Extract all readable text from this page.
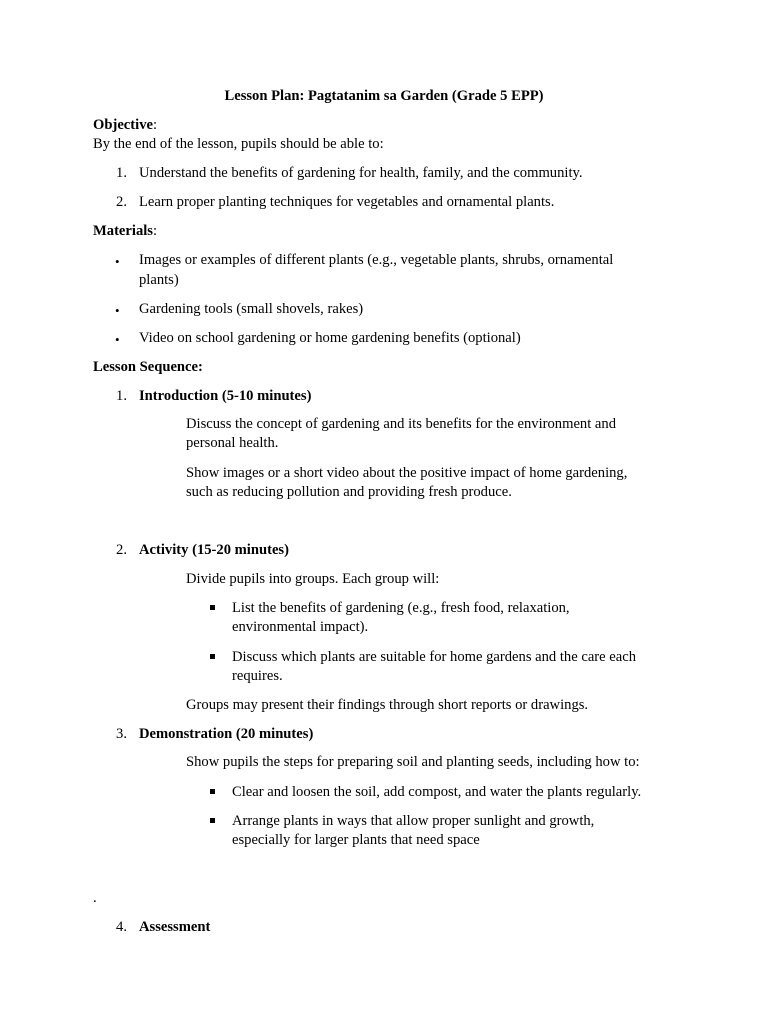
Lesson Plan: Pagtatanim sa Garden (Grade 5 EPP)
Objective:
By the end of the lesson, pupils should be able to:
1. Understand the benefits of gardening for health, family, and the community.
2. Learn proper planting techniques for vegetables and ornamental plants.
Materials:
• Images or examples of different plants (e.g., vegetable plants, shrubs, ornamental
plants)
• Gardening tools (small shovels, rakes)
• Video on school gardening or home gardening benefits (optional)
Lesson Sequence:
1. Introduction (5-10 minutes)
Discuss the concept of gardening and its benefits for the environment and
personal health.
Show images or a short video about the positive impact of home gardening,
such as reducing pollution and providing fresh produce.
2. Activity (15-20 minutes)
Divide pupils into groups. Each group will:
List the benefits of gardening (e.g., fresh food, relaxation,
environmental impact).
Discuss which plants are suitable for home gardens and the care each
requires.
Groups may present their findings through short reports or drawings.
3. Demonstration (20 minutes)
Show pupils the steps for preparing soil and planting seeds, including how to:
Clear and loosen the soil, add compost, and water the plants regularly.
Arrange plants in ways that allow proper sunlight and growth,
especially for larger plants that need space
.
4. Assessment
